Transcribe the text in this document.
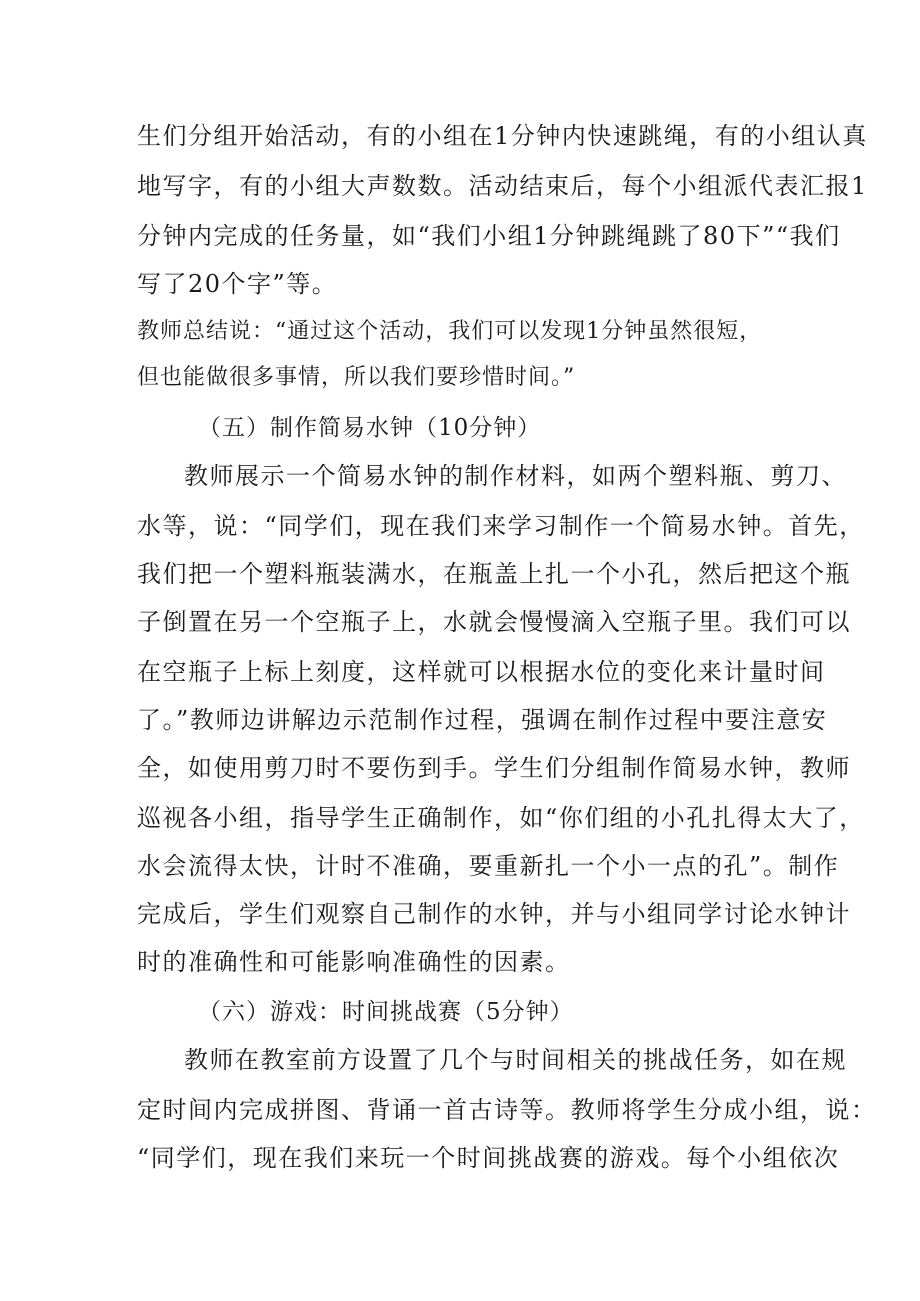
生们分组开始活动，有的小组在1分钟内快速跳绳，有的小组认真
地写字，有的小组大声数数。活动结束后，每个小组派代表汇报1
分钟内完成的任务量，如“我们小组1分钟跳绳跳了80下”“我们
写了20个字”等。
教师总结说：“通过这个活动，我们可以发现1分钟虽然很短，
但也能做很多事情，所以我们要珍惜时间。”
（五）制作简易水钟（10分钟）
教师展示一个简易水钟的制作材料，如两个塑料瓶、剪刀、
水等，说：“同学们，现在我们来学习制作一个简易水钟。首先，
我们把一个塑料瓶装满水，在瓶盖上扎一个小孔，然后把这个瓶
子倒置在另一个空瓶子上，水就会慢慢滴入空瓶子里。我们可以
在空瓶子上标上刻度，这样就可以根据水位的变化来计量时间
了。”教师边讲解边示范制作过程，强调在制作过程中要注意安
全，如使用剪刀时不要伤到手。学生们分组制作简易水钟，教师
巡视各小组，指导学生正确制作，如“你们组的小孔扎得太大了，
水会流得太快，计时不准确，要重新扎一个小一点的孔”。制作
完成后，学生们观察自己制作的水钟，并与小组同学讨论水钟计
时的准确性和可能影响准确性的因素。
（六）游戏：时间挑战赛（5分钟）
教师在教室前方设置了几个与时间相关的挑战任务，如在规
定时间内完成拼图、背诵一首古诗等。教师将学生分成小组，说：
“同学们，现在我们来玩一个时间挑战赛的游戏。每个小组依次
